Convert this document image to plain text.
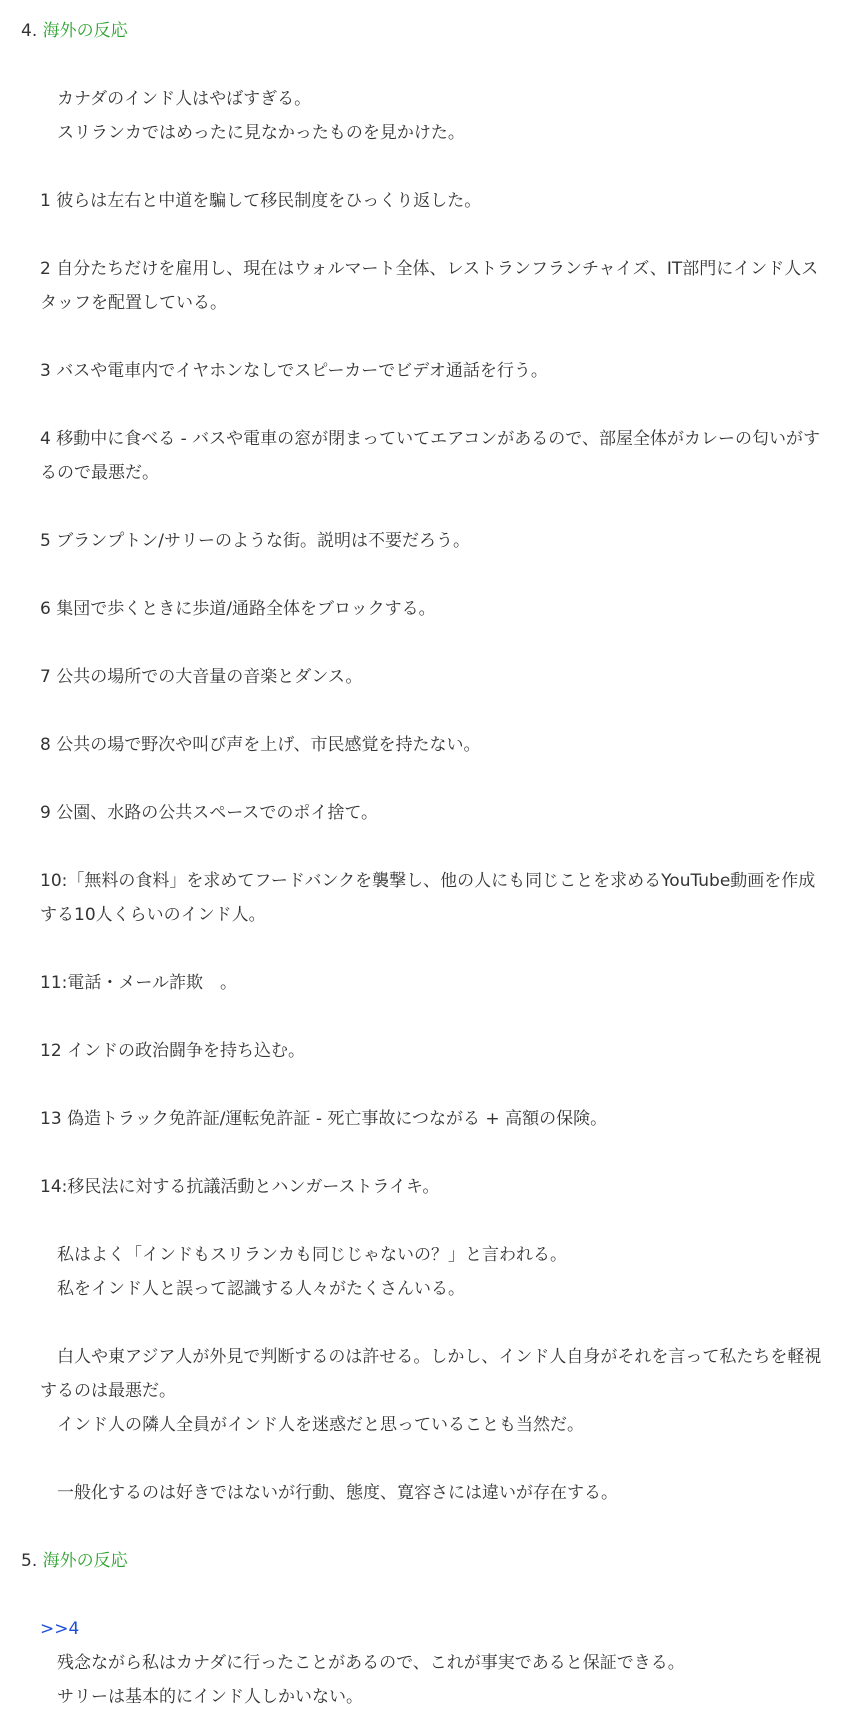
4. 海外の反応
　カナダのインド人はやばすぎる。
　スリランカではめったに見なかったものを見かけた。
1 彼らは左右と中道を騙して移民制度をひっくり返した。
2 自分たちだけを雇用し、現在はウォルマート全体、レストランフランチャイズ、IT部門にインド人スタッフを配置している。
3 バスや電車内でイヤホンなしでスピーカーでビデオ通話を行う。
4 移動中に食べる - バスや電車の窓が閉まっていてエアコンがあるので、部屋全体がカレーの匂いがするので最悪だ。
5 ブランプトン/サリーのような街。説明は不要だろう。
6 集団で歩くときに歩道/通路全体をブロックする。
7 公共の場所での大音量の音楽とダンス。
8 公共の場で野次や叫び声を上げ、市民感覚を持たない。
9 公園、水路の公共スペースでのポイ捨て。
10:「無料の食料」を求めてフードバンクを襲撃し、他の人にも同じことを求めるYouTube動画を作成する10人くらいのインド人。
11:電話・メール詐欺　。
12 インドの政治闘争を持ち込む。
13 偽造トラック免許証/運転免許証 - 死亡事故につながる + 高額の保険。
14:移民法に対する抗議活動とハンガーストライキ。
　私はよく「インドもスリランカも同じじゃないの？」と言われる。
　私をインド人と誤って認識する人々がたくさんいる。
　白人や東アジア人が外見で判断するのは許せる。しかし、インド人自身がそれを言って私たちを軽視するのは最悪だ。
　インド人の隣人全員がインド人を迷惑だと思っていることも当然だ。
　一般化するのは好きではないが行動、態度、寛容さには違いが存在する。
5. 海外の反応
>>4
　残念ながら私はカナダに行ったことがあるので、これが事実であると保証できる。
　サリーは基本的にインド人しかいない。
